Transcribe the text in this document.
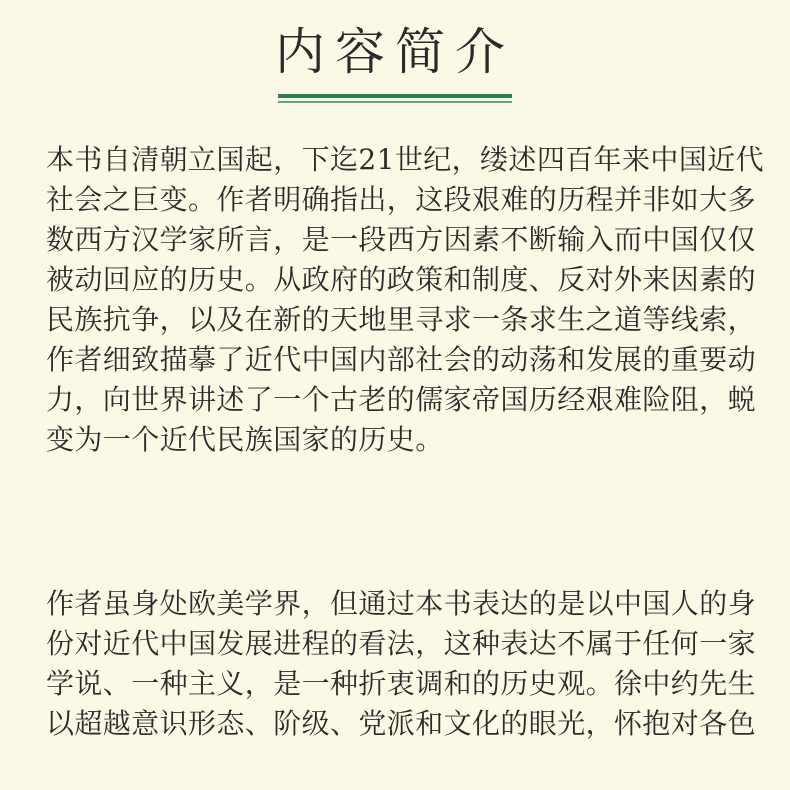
内容简介
本书自清朝立国起，下迄21世纪，缕述四百年来中国近代
社会之巨变。作者明确指出，这段艰难的历程并非如大多
数西方汉学家所言，是一段西方因素不断输入而中国仅仅
被动回应的历史。从政府的政策和制度、反对外来因素的
民族抗争，以及在新的天地里寻求一条求生之道等线索，
作者细致描摹了近代中国内部社会的动荡和发展的重要动
力，向世界讲述了一个古老的儒家帝国历经艰难险阻，蜕
变为一个近代民族国家的历史。
作者虽身处欧美学界，但通过本书表达的是以中国人的身
份对近代中国发展进程的看法，这种表达不属于任何一家
学说、一种主义，是一种折衷调和的历史观。徐中约先生
以超越意识形态、阶级、党派和文化的眼光，怀抱对各色
